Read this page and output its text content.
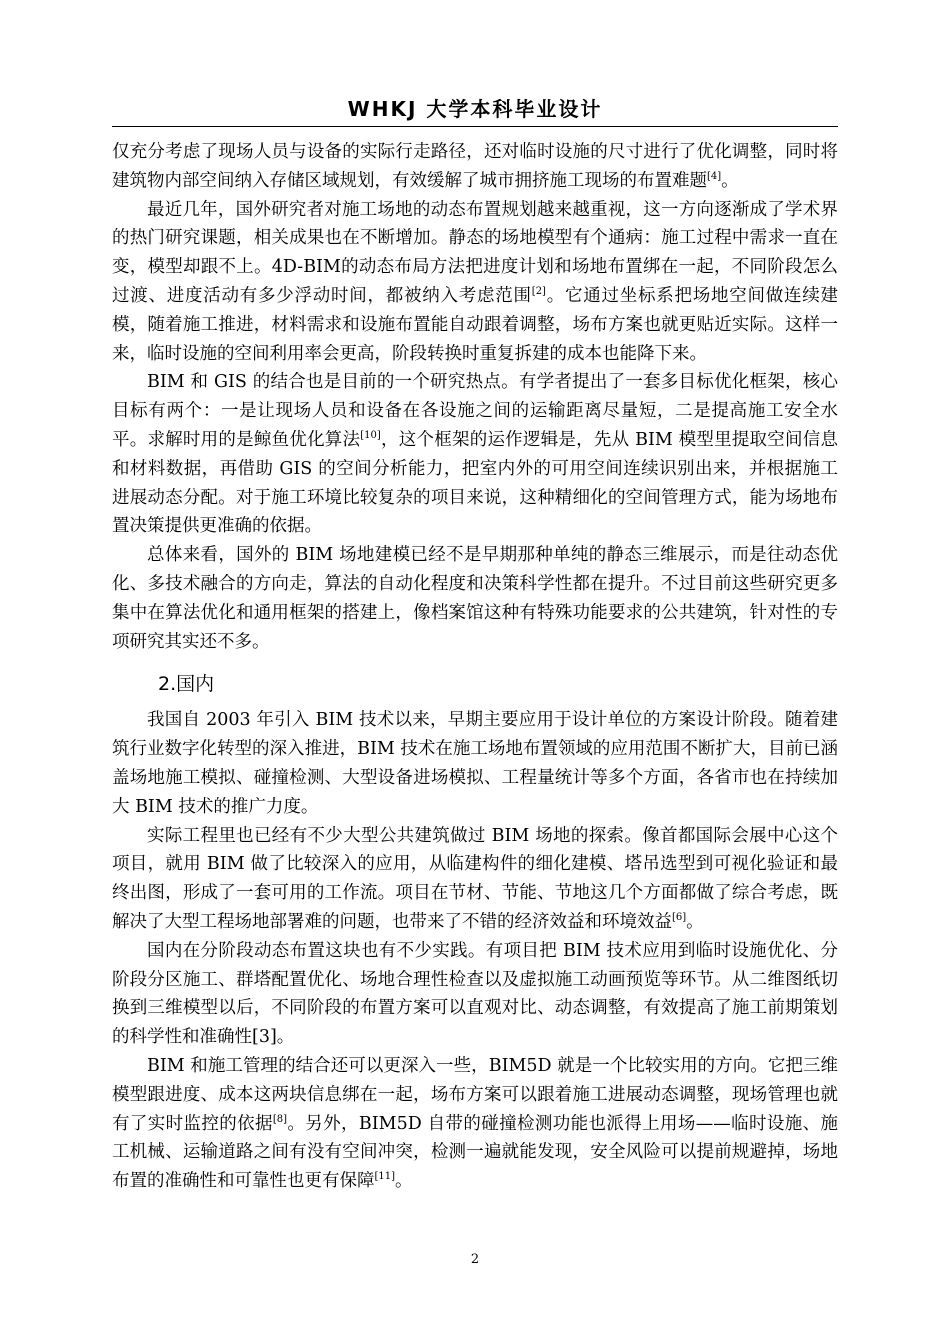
WHKJ 大学本科毕业设计

仅充分考虑了现场人员与设备的实际行走路径，还对临时设施的尺寸进行了优化调整，同时将建筑物内部空间纳入存储区域规划，有效缓解了城市拥挤施工现场的布置难题[4]。

最近几年，国外研究者对施工场地的动态布置规划越来越重视，这一方向逐渐成了学术界的热门研究课题，相关成果也在不断增加。静态的场地模型有个通病：施工过程中需求一直在变，模型却跟不上。4D-BIM的动态布局方法把进度计划和场地布置绑在一起，不同阶段怎么过渡、进度活动有多少浮动时间，都被纳入考虑范围[2]。它通过坐标系把场地空间做连续建模，随着施工推进，材料需求和设施布置能自动跟着调整，场布方案也就更贴近实际。这样一来，临时设施的空间利用率会更高，阶段转换时重复拆建的成本也能降下来。

BIM 和 GIS 的结合也是目前的一个研究热点。有学者提出了一套多目标优化框架，核心目标有两个：一是让现场人员和设备在各设施之间的运输距离尽量短，二是提高施工安全水平。求解时用的是鲸鱼优化算法[10]，这个框架的运作逻辑是，先从 BIM 模型里提取空间信息和材料数据，再借助 GIS 的空间分析能力，把室内外的可用空间连续识别出来，并根据施工进展动态分配。对于施工环境比较复杂的项目来说，这种精细化的空间管理方式，能为场地布置决策提供更准确的依据。

总体来看，国外的 BIM 场地建模已经不是早期那种单纯的静态三维展示，而是往动态优化、多技术融合的方向走，算法的自动化程度和决策科学性都在提升。不过目前这些研究更多集中在算法优化和通用框架的搭建上，像档案馆这种有特殊功能要求的公共建筑，针对性的专项研究其实还不多。

2.国内

我国自 2003 年引入 BIM 技术以来，早期主要应用于设计单位的方案设计阶段。随着建筑行业数字化转型的深入推进，BIM 技术在施工场地布置领域的应用范围不断扩大，目前已涵盖场地施工模拟、碰撞检测、大型设备进场模拟、工程量统计等多个方面，各省市也在持续加大 BIM 技术的推广力度。

实际工程里也已经有不少大型公共建筑做过 BIM 场地的探索。像首都国际会展中心这个项目，就用 BIM 做了比较深入的应用，从临建构件的细化建模、塔吊选型到可视化验证和最终出图，形成了一套可用的工作流。项目在节材、节能、节地这几个方面都做了综合考虑，既解决了大型工程场地部署难的问题，也带来了不错的经济效益和环境效益[6]。

国内在分阶段动态布置这块也有不少实践。有项目把 BIM 技术应用到临时设施优化、分阶段分区施工、群塔配置优化、场地合理性检查以及虚拟施工动画预览等环节。从二维图纸切换到三维模型以后，不同阶段的布置方案可以直观对比、动态调整，有效提高了施工前期策划的科学性和准确性[3]。

BIM 和施工管理的结合还可以更深入一些，BIM5D 就是一个比较实用的方向。它把三维模型跟进度、成本这两块信息绑在一起，场布方案可以跟着施工进展动态调整，现场管理也就有了实时监控的依据[8]。另外，BIM5D 自带的碰撞检测功能也派得上用场——临时设施、施工机械、运输道路之间有没有空间冲突，检测一遍就能发现，安全风险可以提前规避掉，场地布置的准确性和可靠性也更有保障[11]。

2
